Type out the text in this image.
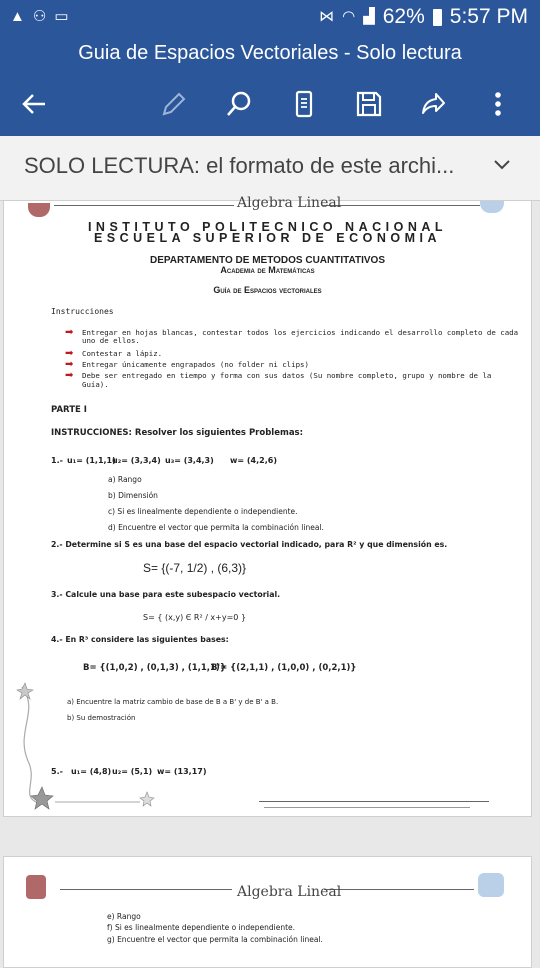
▲ ⚇ ▭	⋈ ◠ ▟ 62% 5:57 PM
Guia de Espacios Vectoriales - Solo lectura
SOLO LECTURA: el formato de este archi...
Algebra Lineal
INSTITUTO POLITECNICO NACIONAL
ESCUELA SUPERIOR DE ECONOMIA
DEPARTAMENTO DE METODOS CUANTITATIVOS
Academia de Matemáticas
Guía de Espacios vectoriales
Instrucciones
➡ Entregar en hojas blancas, contestar todos los ejercicios indicando el desarrollo completo de cada
uno de ellos.
➡ Contestar a lápiz.
➡ Entregar únicamente engrapados (no folder ni clips)
➡ Debe ser entregado en tiempo y forma con sus datos (Su nombre completo, grupo y nombre de la
Guía).
PARTE I
INSTRUCCIONES: Resolver los siguientes Problemas:
1.- u₁= (1,1,1)
u₂= (3,3,4) u₃= (3,4,3) w= (4,2,6)
a) Rango
b) Dimensión
c) Si es linealmente dependiente o independiente.
d) Encuentre el vector que permita la combinación lineal.
2.- Determine si S es una base del espacio vectorial indicado, para R² y que dimensión es.
S= {(-7, 1/2) , (6,3)}
3.- Calcule una base para este subespacio vectorial.
S= { (x,y) Є R² / x+y=0 }
4.- En R³ considere las siguientes bases:
B= {(1,0,2) , (0,1,3) , (1,1,1)}
B'= {(2,1,1) , (1,0,0) , (0,2,1)}
a) Encuentre la matriz cambio de base de B a B' y de B' a B.
b) Su demostración
5.- u₁= (4,8) u₂= (5,1) w= (13,17)
Algebra Lineal
e) Rango
f) Si es linealmente dependiente o independiente.
g) Encuentre el vector que permita la combinación lineal.
